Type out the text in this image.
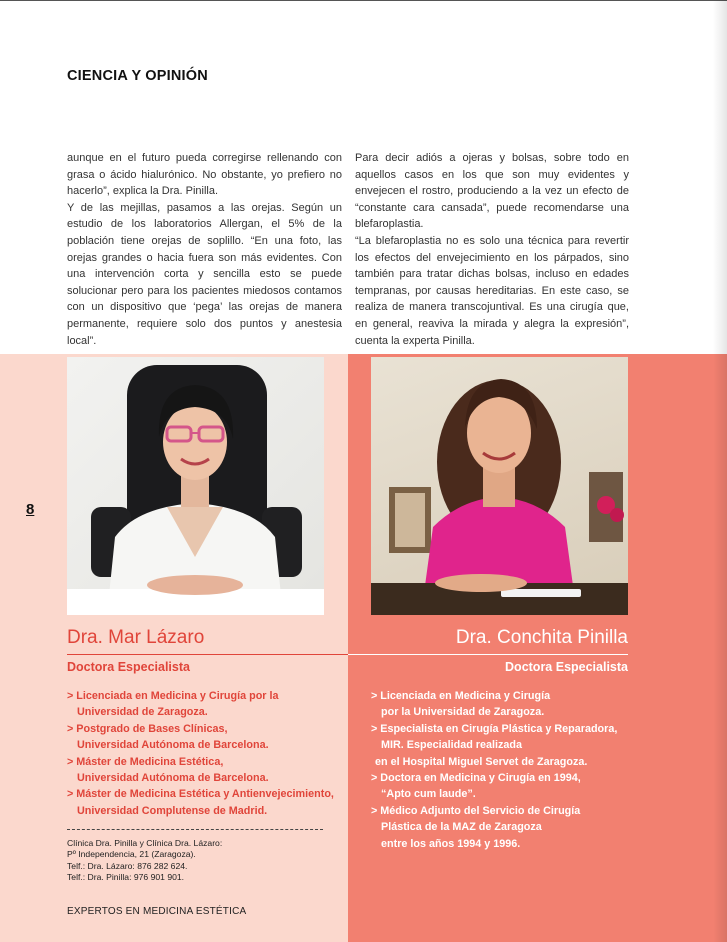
CIENCIA Y OPINIÓN

aunque en el futuro pueda corregirse rellenando con grasa o ácido hialurónico. No obstante, yo prefiero no hacerlo”, explica la Dra. Pinilla.

Y de las mejillas, pasamos a las orejas. Según un estudio de los laboratorios Allergan, el 5% de la población tiene orejas de soplillo. “En una foto, las orejas grandes o hacia fuera son más evidentes. Con una intervención corta y sencilla esto se puede solucionar pero para los pacientes miedosos contamos con un dispositivo que ‘pega’ las orejas de manera permanente, requiere solo dos puntos y anestesia local”.

Para decir adiós a ojeras y bolsas, sobre todo en aquellos casos en los que son muy evidentes y envejecen el rostro, produciendo a la vez un efecto de “constante cara cansada”, puede recomendarse una blefaroplastia.

“La blefaroplastia no es solo una técnica para revertir los efectos del envejecimiento en los párpados, sino también para tratar dichas bolsas, incluso en edades tempranas, por causas hereditarias. En este caso, se realiza de manera transcojuntival. Es una cirugía que, en general, reaviva la mirada y alegra la expresión”, cuenta la experta Pinilla.

8
Dra. Mar Lázaro	Dra. Conchita Pinilla
Doctora Especialista	Doctora Especialista
> Licenciada en Medicina y Cirugía por la
Universidad de Zaragoza.
> Postgrado de Bases Clínicas,
Universidad Autónoma de Barcelona.
> Máster de Medicina Estética,
Universidad Autónoma de Barcelona.
> Máster de Medicina Estética y Antienvejecimiento,
Universidad Complutense de Madrid.
> Licenciada en Medicina y Cirugía
por la Universidad de Zaragoza.
> Especialista en Cirugía Plástica y Reparadora,
MIR. Especialidad realizada
en el Hospital Miguel Servet de Zaragoza.
> Doctora en Medicina y Cirugía en 1994,
“Apto cum laude”.
> Médico Adjunto del Servicio de Cirugía
Plástica de la MAZ de Zaragoza
entre los años 1994 y 1996.
Clínica Dra. Pinilla y Clínica Dra. Lázaro:
Pº Independencia, 21 (Zaragoza).
Telf.: Dra. Lázaro: 876 282 624.
Telf.: Dra. Pinilla: 976 901 901.
EXPERTOS EN MEDICINA ESTÉTICA
